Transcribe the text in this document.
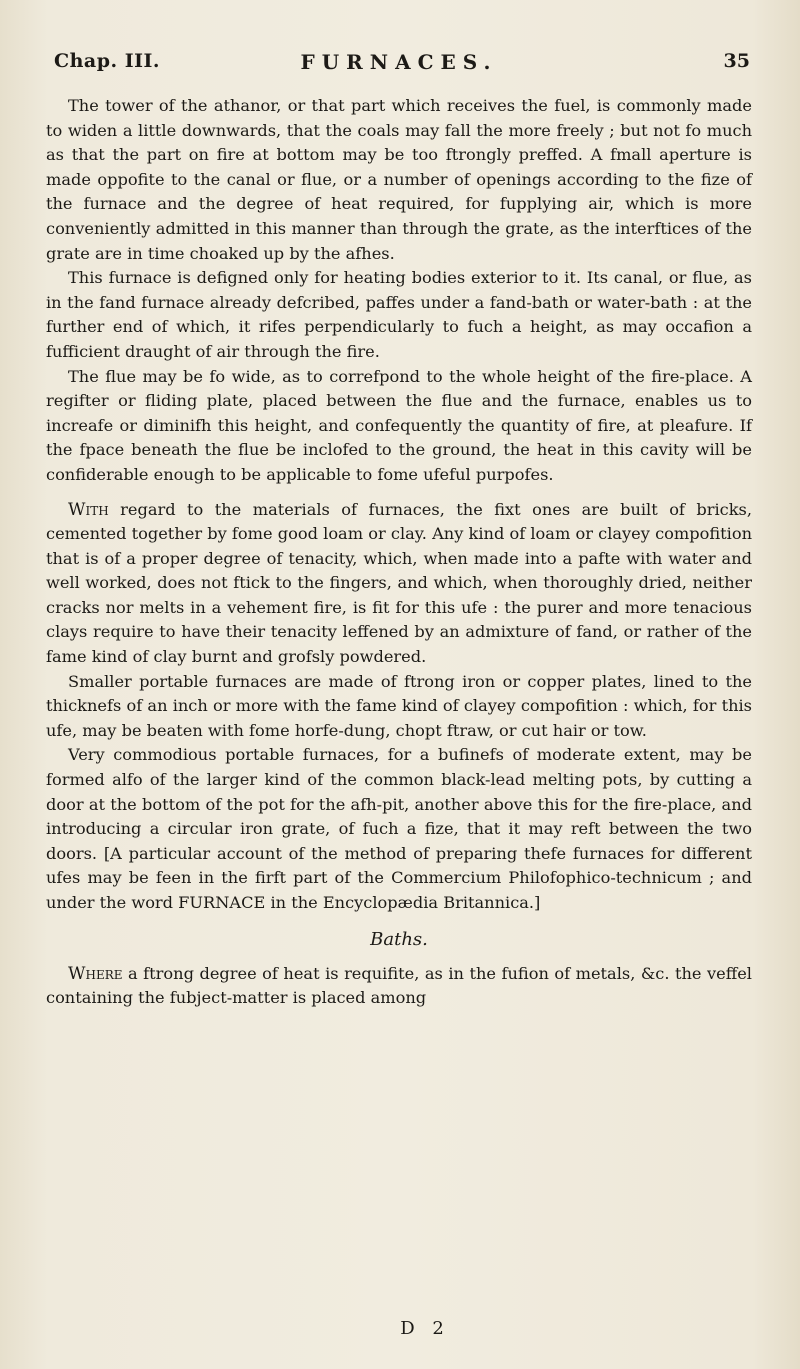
Chap. III.	FURNACES.	35

The tower of the athanor, or that part which receives the fuel, is commonly made to widen a little downwards, that the coals may fall the more freely ; but not fo much as that the part on fire at bottom may be too ftrongly preffed. A fmall aperture is made oppofite to the canal or flue, or a number of openings according to the fize of the furnace and the degree of heat required, for fupplying air, which is more conveniently admitted in this manner than through the grate, as the interftices of the grate are in time choaked up by the afhes.

This furnace is defigned only for heating bodies exterior to it. Its canal, or flue, as in the fand furnace already defcribed, paffes under a fand-bath or water-bath : at the further end of which, it rifes perpendicularly to fuch a height, as may occafion a fufficient draught of air through the fire.

The flue may be fo wide, as to correfpond to the whole height of the fire-place. A regifter or fliding plate, placed between the flue and the furnace, enables us to increafe or diminifh this height, and confequently the quantity of fire, at pleafure. If the fpace beneath the flue be inclofed to the ground, the heat in this cavity will be confiderable enough to be applicable to fome ufeful purpofes.

With regard to the materials of furnaces, the fixt ones are built of bricks, cemented together by fome good loam or clay. Any kind of loam or clayey compofition that is of a proper degree of tenacity, which, when made into a pafte with water and well worked, does not ftick to the fingers, and which, when thoroughly dried, neither cracks nor melts in a vehement fire, is fit for this ufe : the purer and more tenacious clays require to have their tenacity leffened by an admixture of fand, or rather of the fame kind of clay burnt and grofsly powdered.

Smaller portable furnaces are made of ftrong iron or copper plates, lined to the thicknefs of an inch or more with the fame kind of clayey compofition : which, for this ufe, may be beaten with fome horfe-dung, chopt ftraw, or cut hair or tow.

Very commodious portable furnaces, for a bufinefs of moderate extent, may be formed alfo of the larger kind of the common black-lead melting pots, by cutting a door at the bottom of the pot for the afh-pit, another above this for the fire-place, and introducing a circular iron grate, of fuch a fize, that it may reft between the two doors. [A particular account of the method of preparing thefe furnaces for different ufes may be feen in the firft part of the Commercium Philofophico-technicum ; and under the word FURNACE in the Encyclopædia Britannica.]

Baths.

Where a ftrong degree of heat is requifite, as in the fufion of metals, &c. the veffel containing the fubject-matter is placed among

D 2
